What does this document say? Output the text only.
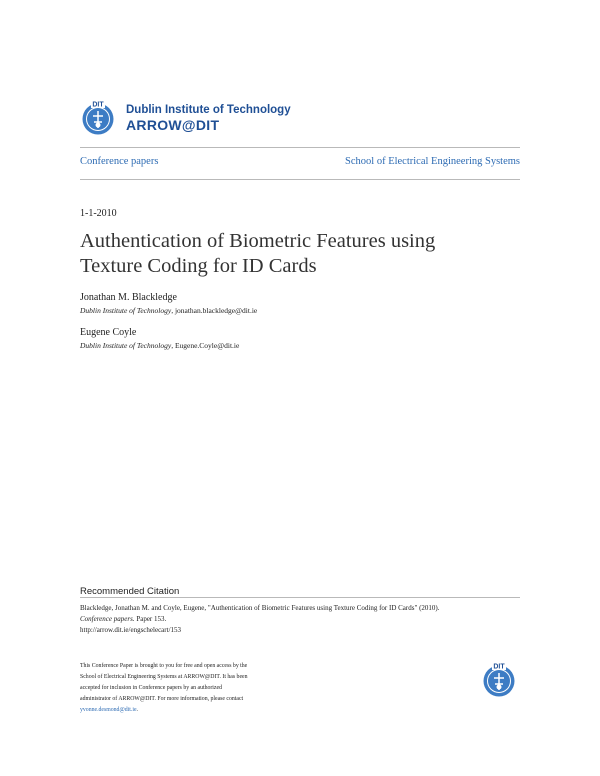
DIT Dublin Institute of Technology
ARROW@DIT
Conference papers	School of Electrical Engineering Systems
1-1-2010
Authentication of Biometric Features using Texture Coding for ID Cards
Jonathan M. Blackledge
Dublin Institute of Technology, jonathan.blackledge@dit.ie
Eugene Coyle
Dublin Institute of Technology, Eugene.Coyle@dit.ie
Recommended Citation
Blackledge, Jonathan M. and Coyle, Eugene, "Authentication of Biometric Features using Texture Coding for ID Cards" (2010).
Conference papers. Paper 153.
http://arrow.dit.ie/engschelecart/153
This Conference Paper is brought to you for free and open access by the
School of Electrical Engineering Systems at ARROW@DIT. It has been
accepted for inclusion in Conference papers by an authorized
administrator of ARROW@DIT. For more information, please contact
yvonne.desmond@dit.ie.
DIT
